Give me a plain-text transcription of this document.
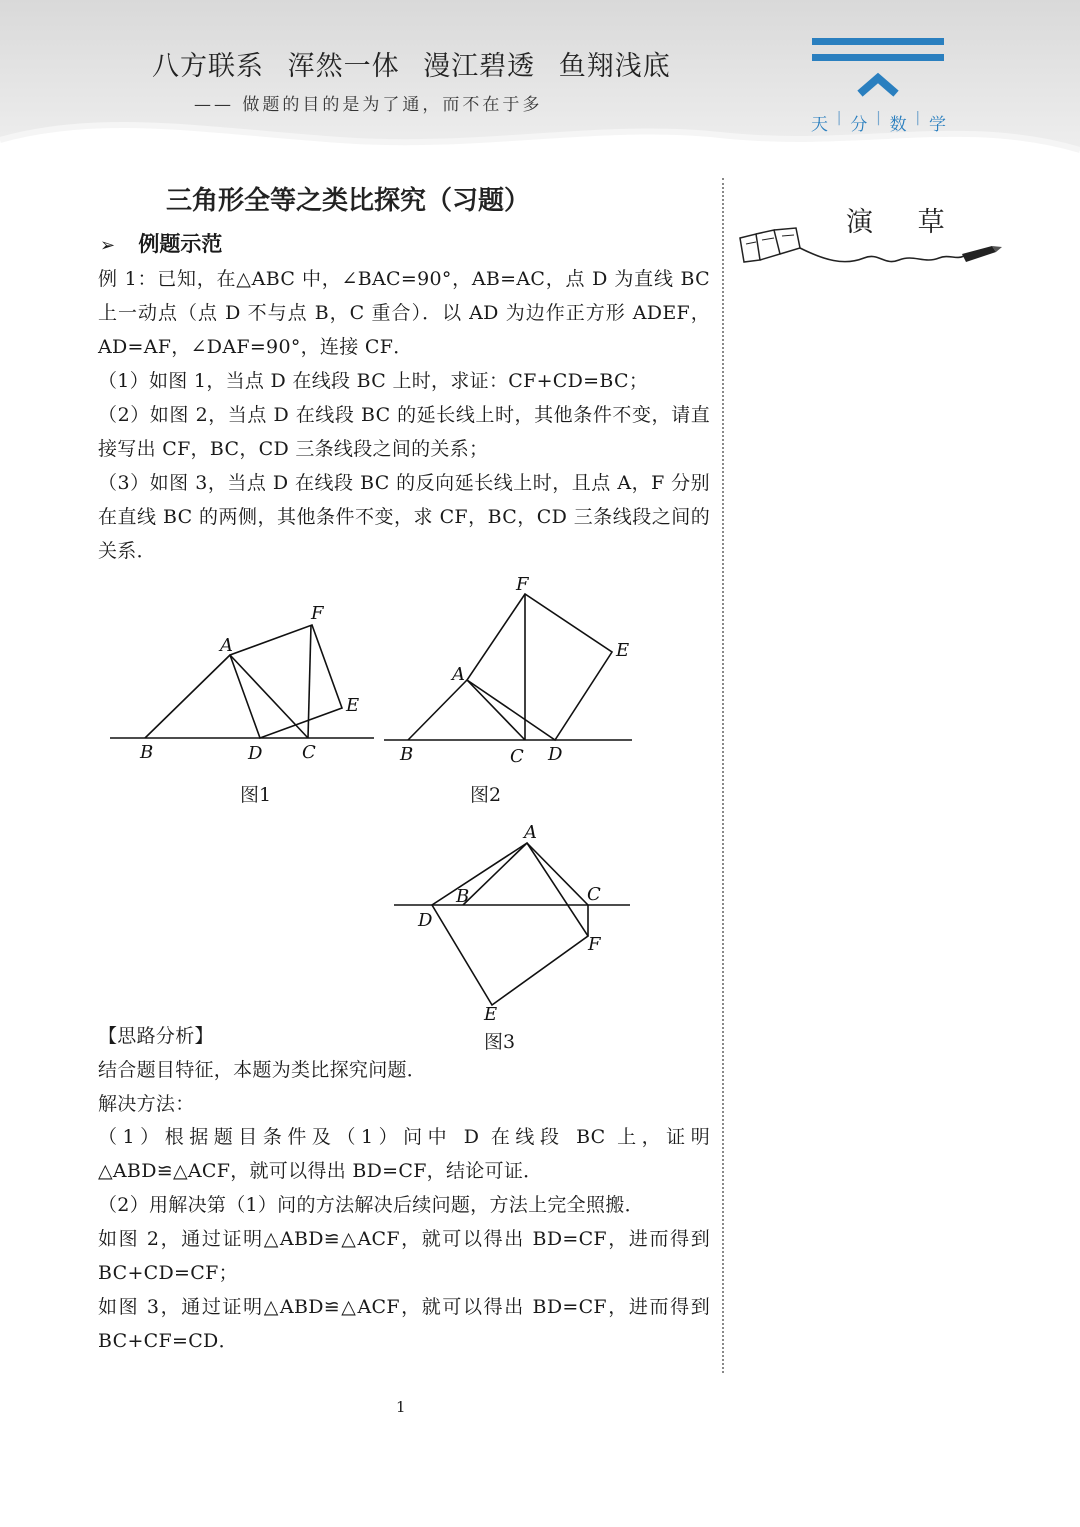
八方联系 浑然一体 漫江碧透 鱼翔浅底
—— 做题的目的是为了通，而不在于多
天 | 分 | 数 | 学
演 草
三角形全等之类比探究（习题）
➢ 例题示范
例 1：已知，在△ABC 中，∠BAC=90°，AB=AC，点 D 为直线 BC 上一动点（点 D 不与点 B，C 重合）．以 AD 为边作正方形 ADEF，AD=AF，∠DAF=90°，连接 CF．
（1）如图 1，当点 D 在线段 BC 上时，求证：CF+CD=BC；
（2）如图 2，当点 D 在线段 BC 的延长线上时，其他条件不变，请直接写出 CF，BC，CD 三条线段之间的关系；
（3）如图 3，当点 D 在线段 BC 的反向延长线上时，且点 A，F 分别在直线 BC 的两侧，其他条件不变，求 CF，BC，CD 三条线段之间的关系．
A
B	D C
E
F
图1
A
B	C D
E
F
图2
A
B	C
D
E
F
图3
【思路分析】
结合题目特征，本题为类比探究问题．
解决方法：
（1）根据题目条件及（1）问中 D 在线段 BC 上，证明△ABD≌△ACF，就可以得出 BD=CF，结论可证．
（2）用解决第（1）问的方法解决后续问题，方法上完全照搬．
如图 2，通过证明△ABD≌△ACF，就可以得出 BD=CF，进而得到 BC+CD=CF；
如图 3，通过证明△ABD≌△ACF，就可以得出 BD=CF，进而得到 BC+CF=CD．
1
